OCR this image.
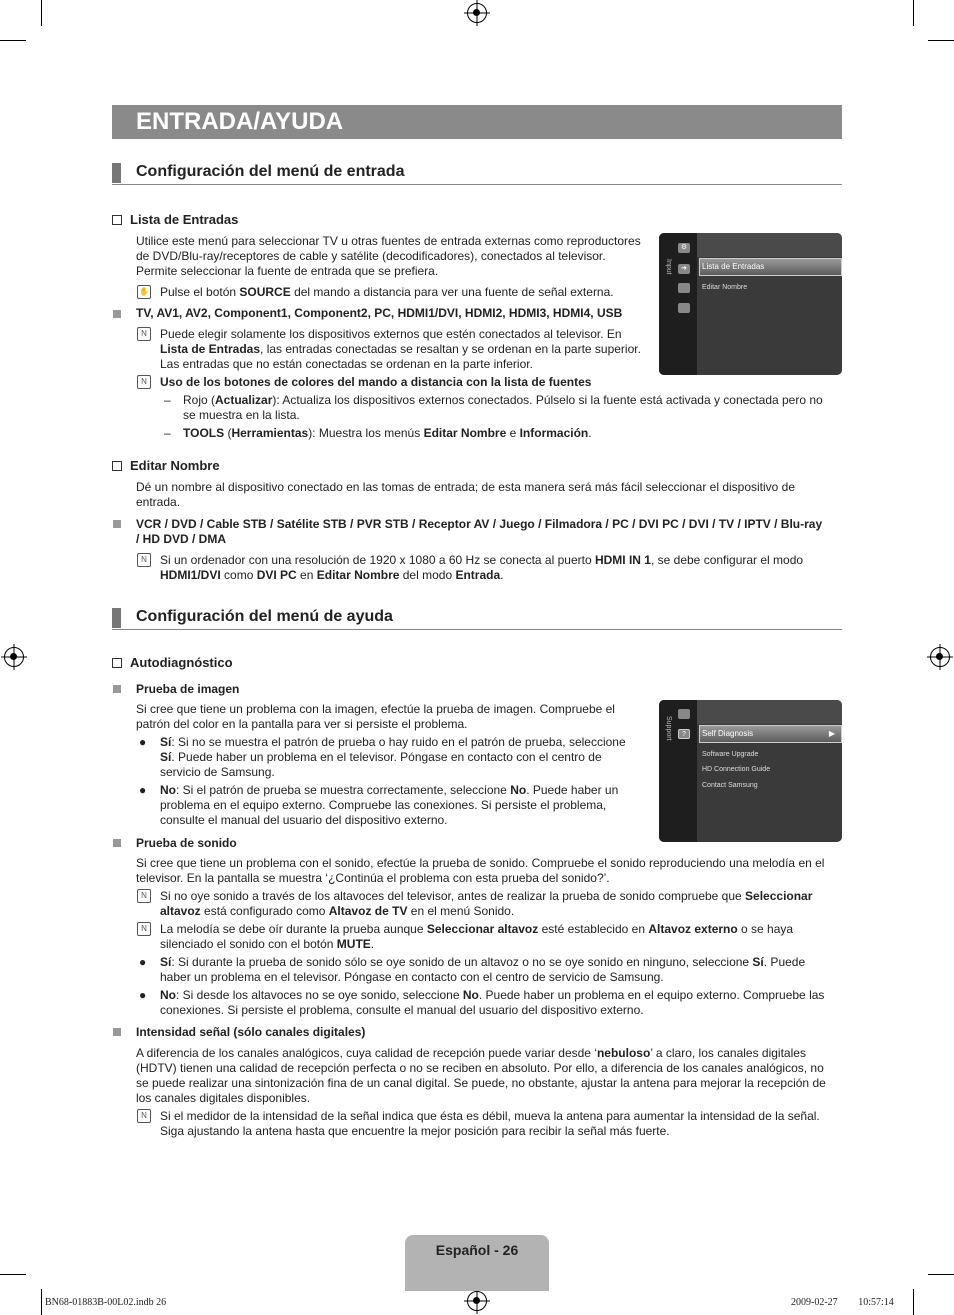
ENTRADA/AYUDA
Configuración del menú de entrada
Lista de Entradas
Utilice este menú para seleccionar TV u otras fuentes de entrada externas como reproductores
de DVD/Blu-ray/receptores de cable y satélite (decodificadores), conectados al televisor.
Permite seleccionar la fuente de entrada que se prefiera.
✋ Pulse el botón SOURCE del mando a distancia para ver una fuente de señal externa.
TV, AV1, AV2, Component1, Component2, PC, HDMI1/DVI, HDMI2, HDMI3, HDMI4, USB
N	Puede elegir solamente los dispositivos externos que estén conectados al televisor. En
Lista de Entradas, las entradas conectadas se resaltan y se ordenan en la parte superior.
Las entradas que no están conectadas se ordenan en la parte inferior.
N	Uso de los botones de colores del mando a distancia con la lista de fuentes
– Rojo (Actualizar): Actualiza los dispositivos externos conectados. Púlselo si la fuente está activada y conectada pero no
se muestra en la lista.
– TOOLS (Herramientas): Muestra los menús Editar Nombre e Información.
Input
⚙
➜	Lista de Entradas
Editar Nombre
Editar Nombre
Dé un nombre al dispositivo conectado en las tomas de entrada; de esta manera será más fácil seleccionar el dispositivo de
entrada.
VCR / DVD / Cable STB / Satélite STB / PVR STB / Receptor AV / Juego / Filmadora / PC / DVI PC / DVI / TV / IPTV / Blu-ray
/ HD DVD / DMA
N	Si un ordenador con una resolución de 1920 x 1080 a 60 Hz se conecta al puerto HDMI IN 1, se debe configurar el modo
HDMI1/DVI como DVI PC en Editar Nombre del modo Entrada.
Configuración del menú de ayuda
Autodiagnóstico
Prueba de imagen
Si cree que tiene un problema con la imagen, efectúe la prueba de imagen. Compruebe el
patrón del color en la pantalla para ver si persiste el problema.
● Sí: Si no se muestra el patrón de prueba o hay ruido en el patrón de prueba, seleccione
Sí. Puede haber un problema en el televisor. Póngase en contacto con el centro de
servicio de Samsung.
● No: Si el patrón de prueba se muestra correctamente, seleccione No. Puede haber un
problema en el equipo externo. Compruebe las conexiones. Si persiste el problema,
consulte el manual del usuario del dispositivo externo.
Support	?	Self Diagnosis	▶
Software Upgrade
HD Connection Guide
Contact Samsung
Prueba de sonido
Si cree que tiene un problema con el sonido, efectúe la prueba de sonido. Compruebe el sonido reproduciendo una melodía en el
televisor. En la pantalla se muestra ‘¿Continúa el problema con esta prueba del sonido?’.
N	Si no oye sonido a través de los altavoces del televisor, antes de realizar la prueba de sonido compruebe que Seleccionar
altavoz está configurado como Altavoz de TV en el menú Sonido.
N	La melodía se debe oír durante la prueba aunque Seleccionar altavoz esté establecido en Altavoz externo o se haya
silenciado el sonido con el botón MUTE.
● Sí: Si durante la prueba de sonido sólo se oye sonido de un altavoz o no se oye sonido en ninguno, seleccione Sí. Puede
haber un problema en el televisor. Póngase en contacto con el centro de servicio de Samsung.
● No: Si desde los altavoces no se oye sonido, seleccione No. Puede haber un problema en el equipo externo. Compruebe las
conexiones. Si persiste el problema, consulte el manual del usuario del dispositivo externo.
Intensidad señal (sólo canales digitales)
A diferencia de los canales analógicos, cuya calidad de recepción puede variar desde ‘nebuloso’ a claro, los canales digitales
(HDTV) tienen una calidad de recepción perfecta o no se reciben en absoluto. Por ello, a diferencia de los canales analógicos, no
se puede realizar una sintonización fina de un canal digital. Se puede, no obstante, ajustar la antena para mejorar la recepción de
los canales digitales disponibles.
N	Si el medidor de la intensidad de la señal indica que ésta es débil, mueva la antena para aumentar la intensidad de la señal.
Siga ajustando la antena hasta que encuentre la mejor posición para recibir la señal más fuerte.
Español - 26
BN68-01883B-00L02.indb 26	2009-02-27 ￿￿ 10:57:14
